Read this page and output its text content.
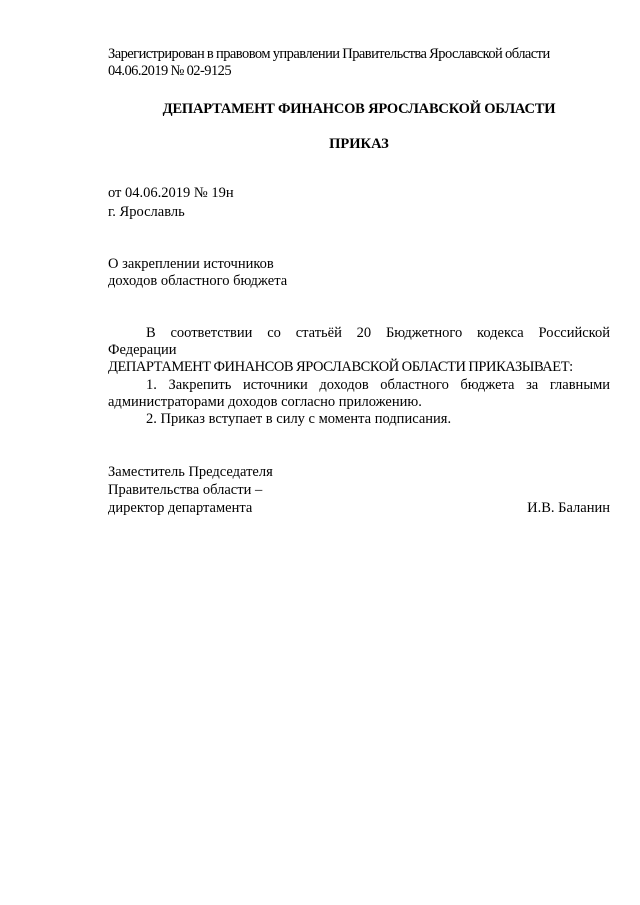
Зарегистрирован в правовом управлении Правительства Ярославской области
04.06.2019 № 02-9125
ДЕПАРТАМЕНТ ФИНАНСОВ ЯРОСЛАВСКОЙ ОБЛАСТИ
ПРИКАЗ
от 04.06.2019 № 19н
г. Ярославль
О закреплении источников
доходов областного бюджета

В соответствии со статьёй 20 Бюджетного кодекса Российской

Федерации

ДЕПАРТАМЕНТ ФИНАНСОВ ЯРОСЛАВСКОЙ ОБЛАСТИ ПРИКАЗЫВАЕТ:

1. Закрепить источники доходов областного бюджета за главными

администраторами доходов согласно приложению.

2. Приказ вступает в силу с момента подписания.

Заместитель Председателя
Правительства области –
директор департамента	И.В. Баланин
